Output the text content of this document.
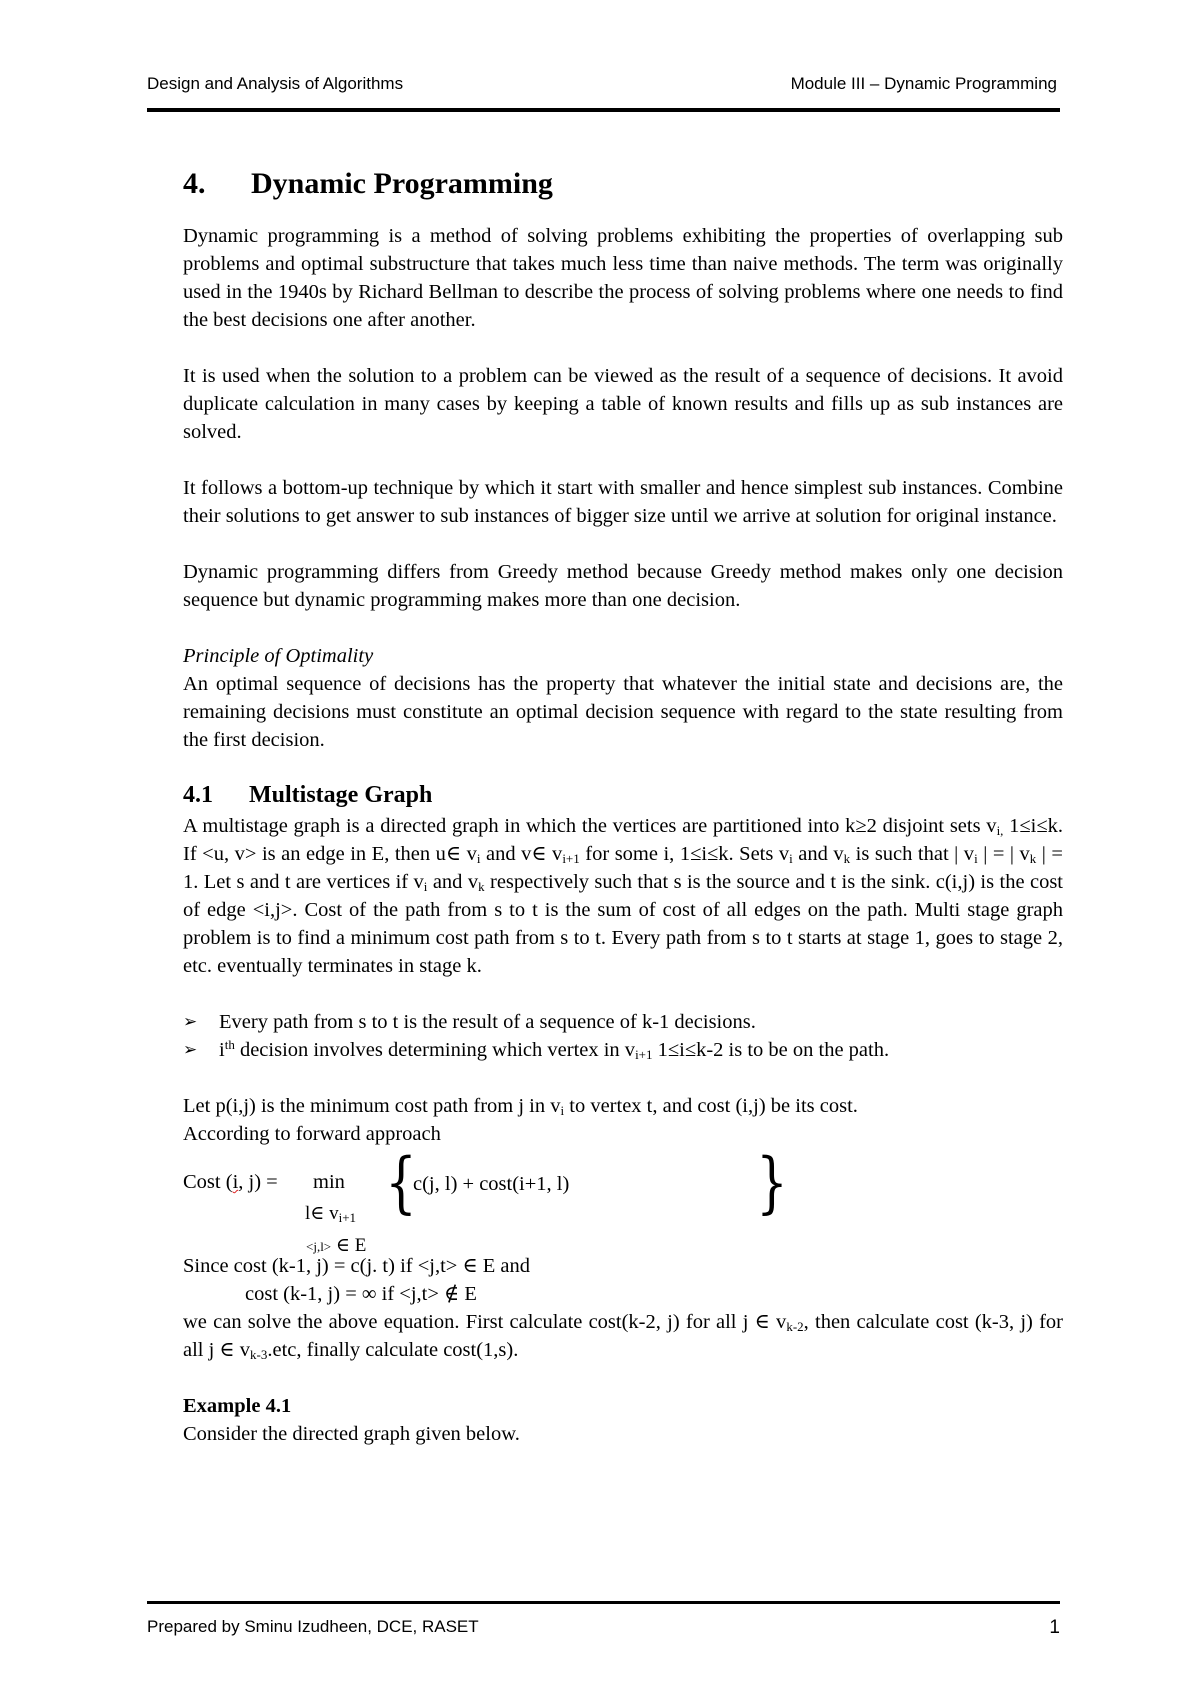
Design and Analysis of Algorithms	Module III – Dynamic Programming
4. Dynamic Programming

Dynamic programming is a method of solving problems exhibiting the properties of overlapping sub problems and optimal substructure that takes much less time than naive methods. The term was originally used in the 1940s by Richard Bellman to describe the process of solving problems where one needs to find the best decisions one after another.

It is used when the solution to a problem can be viewed as the result of a sequence of decisions. It avoid duplicate calculation in many cases by keeping a table of known results and fills up as sub instances are solved.

It follows a bottom-up technique by which it start with smaller and hence simplest sub instances. Combine their solutions to get answer to sub instances of bigger size until we arrive at solution for original instance.

Dynamic programming differs from Greedy method because Greedy method makes only one decision sequence but dynamic programming makes more than one decision.

Principle of Optimality

An optimal sequence of decisions has the property that whatever the initial state and decisions are, the remaining decisions must constitute an optimal decision sequence with regard to the state resulting from the first decision.

4.1 Multistage Graph

A multistage graph is a directed graph in which the vertices are partitioned into k≥2 disjoint sets $v_{i,}$ 1≤i≤k. If <u, v> is an edge in E, then u∈ $v_i$ and v∈ $v_{i+1}$ for some i, 1≤i≤k. Sets $v_i$ and $v_k$ is such that | $v_i$ | = | $v_k$ | = 1. Let s and t are vertices if $v_i$ and $v_k$ respectively such that s is the source and t is the sink. c(i,j) is the cost of edge <i,j>. Cost of the path from s to t is the sum of cost of all edges on the path. Multi stage graph problem is to find a minimum cost path from s to t. Every path from s to t starts at stage 1, goes to stage 2, etc. eventually terminates in stage k.

➢ Every path from s to t is the result of a sequence of k-1 decisions.
➢ $i^{th}$ decision involves determining which vertex in $v_{i+1}$ 1≤i≤k-2 is to be on the path.

Let p(i,j) is the minimum cost path from j in $v_i$ to vertex t, and cost (i,j) be its cost.

According to forward approach

Cost (i, j) = min
l∈ $v_{i+1}$
<j,l> ∈ E
{
c(j, l) + cost(i+1, l)	}

Since cost (k-1, j) = c(j. t) if <j,t> ∈ E and

cost (k-1, j) = ∞ if <j,t> ∉ E

we can solve the above equation. First calculate cost(k-2, j) for all j ∈ $v_{k-2}$, then calculate cost (k-3, j) for all j ∈ $v_{k-3}.etc$, finally calculate cost(1,s).

Example 4.1

Consider the directed graph given below.

Prepared by Sminu Izudheen, DCE, RASET	1
